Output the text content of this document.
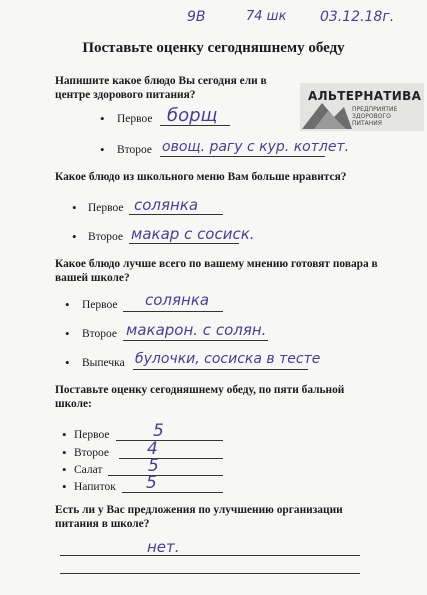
9В	74 шк 03.12.18г.
Поставьте оценку сегодняшнему обеду
Напишите какое блюдо Вы сегодня ели в центре здорового питания?	АЛЬТЕРНАТИВА
ПРЕДПРИЯТИЕ ЗДОРОВОГО ПИТАНИЯ
• Первое борщ
• Второе овощ. рагу с кур. котлет.
Какое блюдо из школьного меню Вам больше нравится?
• Первое солянка
• Второе макар с сосиск.
Какое блюдо лучше всего по вашему мнению готовят повара в вашей школе?
• Первое солянка
• Второе макарон. с солян.
• Выпечка булочки, сосиска в тесте
Поставьте оценку сегодняшнему обеду, по пяти бальной школе:
• Первое	5
• Второе 4
• Салат	5
• Напиток 5
Есть ли у Вас предложения по улучшению организации питания в школе?
нет.
